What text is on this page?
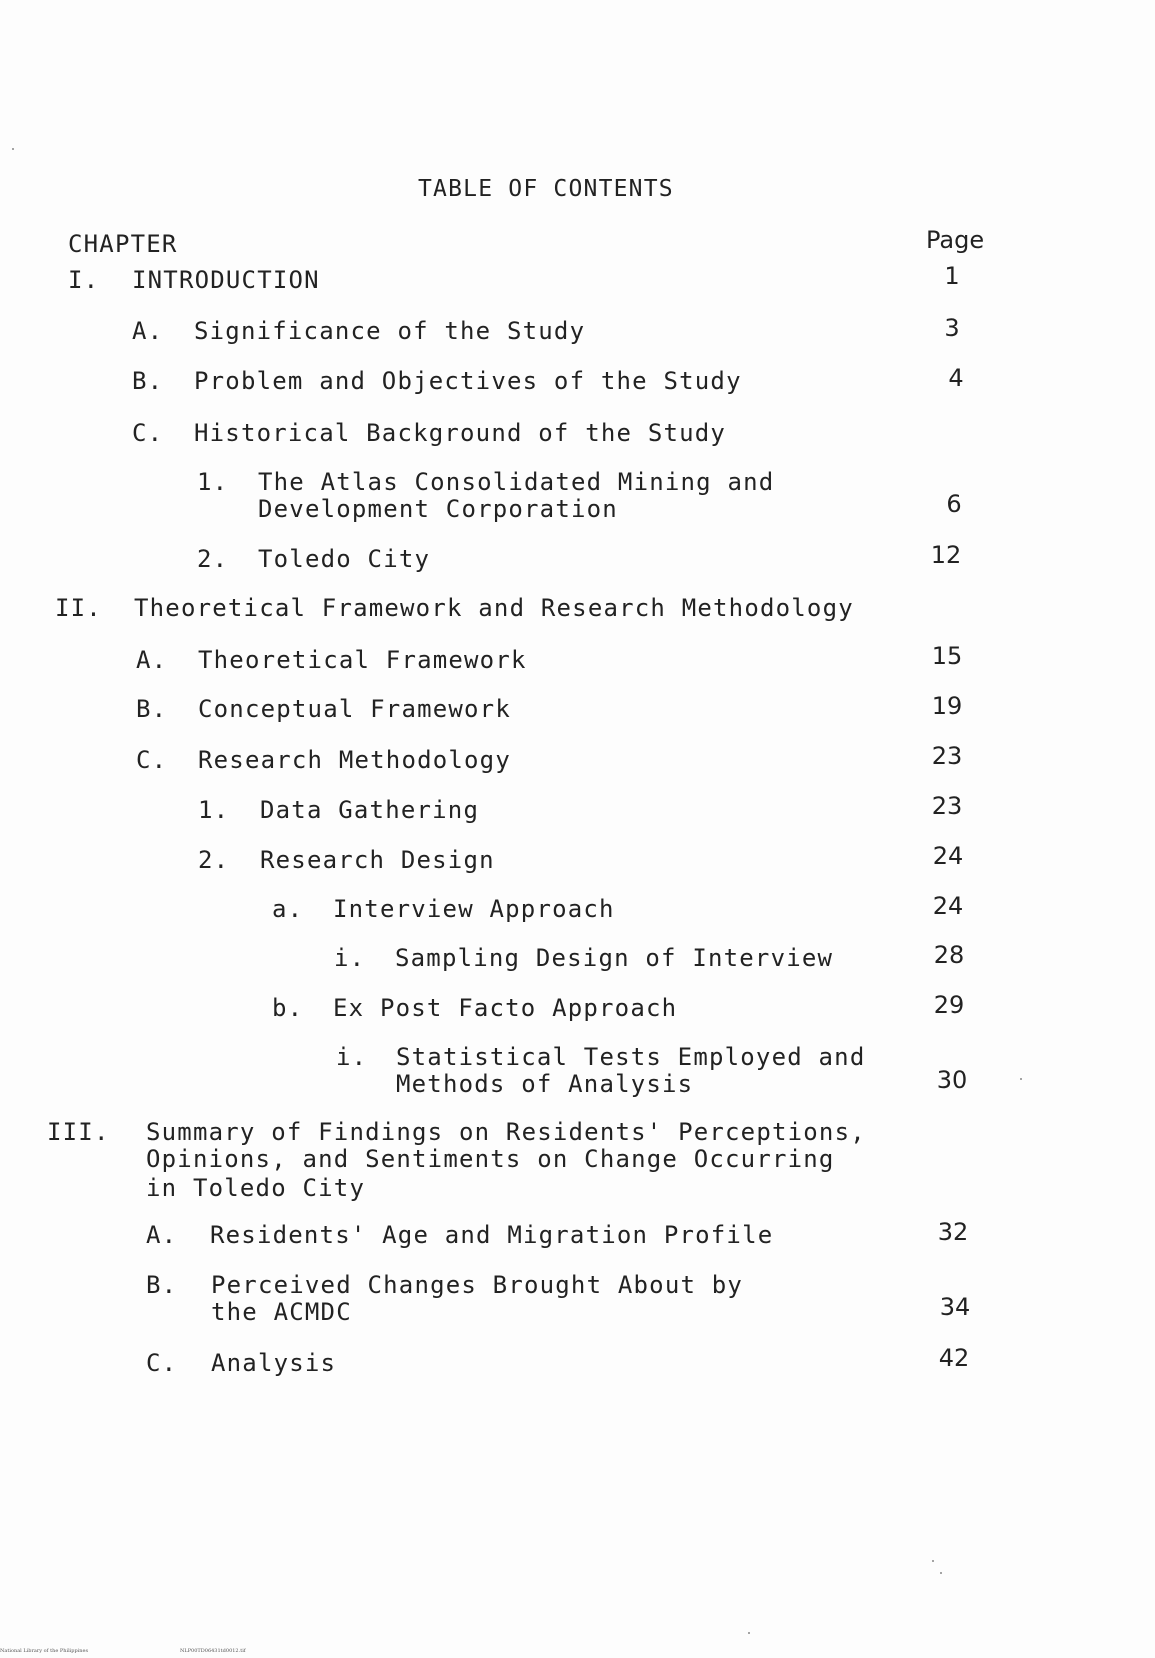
TABLE OF CONTENTS
CHAPTER	Page
I. INTRODUCTION	1
A. Significance of the Study	3
B. Problem and Objectives of the Study	4
C. Historical Background of the Study
1. The Atlas Consolidated Mining and
Development Corporation	6
2. Toledo City	12
II. Theoretical Framework and Research Methodology
A. Theoretical Framework	15
B. Conceptual Framework	19
C. Research Methodology	23
1. Data Gathering	23
2. Research Design	24
a. Interview Approach	24
i. Sampling Design of Interview	28
b. Ex Post Facto Approach	29
i. Statistical Tests Employed and
Methods of Analysis	30
III. Summary of Findings on Residents' Perceptions,
Opinions, and Sentiments on Change Occurring
in Toledo City
A. Residents' Age and Migration Profile	32
B. Perceived Changes Brought About by
the ACMDC	34
C. Analysis	42
National Library of the Philippines	NLP00TD06431td0012.tif
